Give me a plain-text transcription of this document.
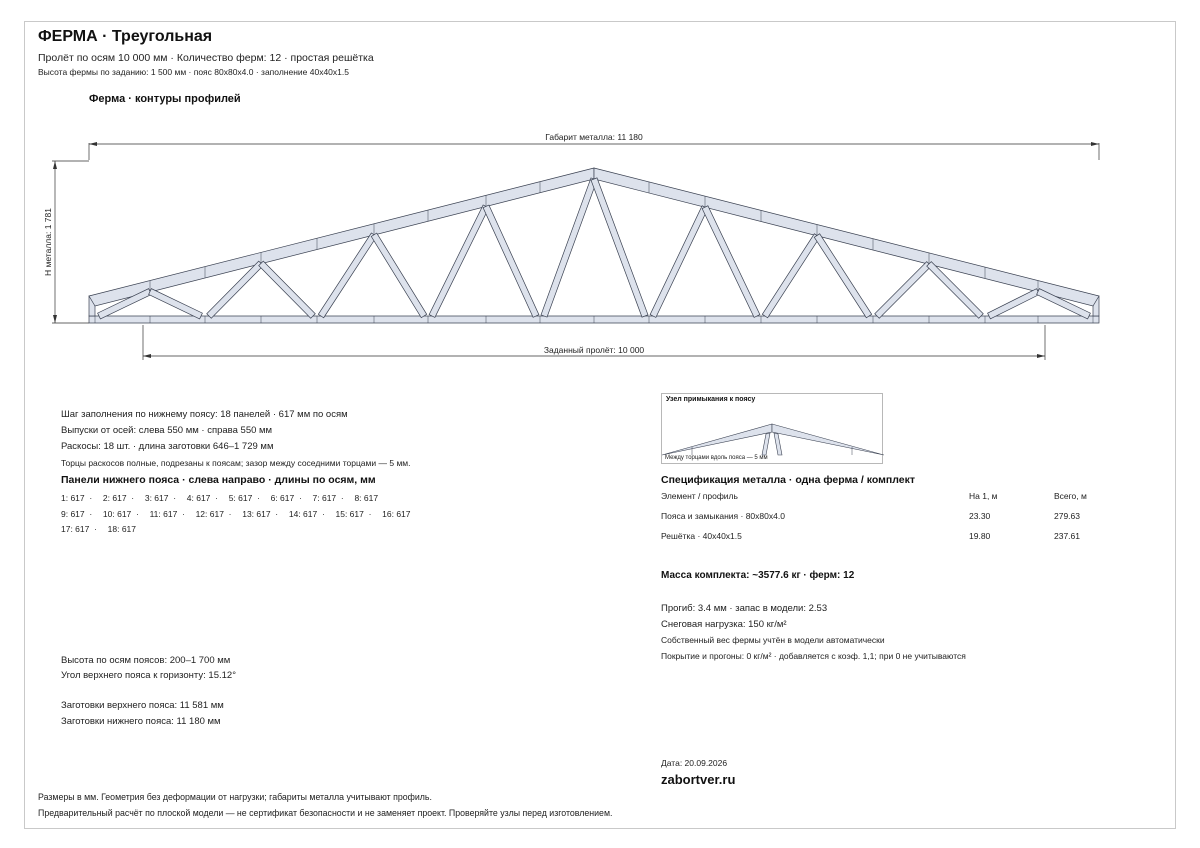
ФЕРМА · Треугольная
Пролёт по осям 10 000 мм · Количество ферм: 12 · простая решётка
Высота фермы по заданию: 1 500 мм · пояс 80x80x4.0 · заполнение 40x40x1.5
Ферма · контуры профилей
Габарит металла: 11 180
H металла: 1 781
Заданный пролёт: 10 000
Шаг заполнения по нижнему поясу: 18 панелей · 617 мм по осям
Выпуски от осей: слева 550 мм · справа 550 мм
Раскосы: 18 шт. · длина заготовки 646–1 729 мм
Торцы раскосов полные, подрезаны к поясам; зазор между соседними торцами — 5 мм.
Панели нижнего пояса · слева направо · длины по осям, мм
1: 617  ·  2: 617  ·  3: 617  ·  4: 617  ·  5: 617  ·  6: 617  ·  7: 617  ·  8: 617
9: 617  ·  10: 617  ·  11: 617  ·  12: 617  ·  13: 617  ·  14: 617  ·  15: 617  ·  16: 617
17: 617  ·  18: 617
Высота по осям поясов: 200–1 700 мм
Угол верхнего пояса к горизонту: 15.12°
Заготовки верхнего пояса: 11 581 мм
Заготовки нижнего пояса: 11 180 мм
Узел примыкания к поясу
Между торцами вдоль пояса — 5 мм
Спецификация металла · одна ферма / комплект
Элемент / профиль	На 1, м	Всего, м
Пояса и замыкания · 80x80x4.0	23.30	279.63
Решётка · 40x40x1.5	19.80	237.61
Масса комплекта: ~3577.6 кг · ферм: 12
Прогиб: 3.4 мм · запас в модели: 2.53
Снеговая нагрузка: 150 кг/м²
Собственный вес фермы учтён в модели автоматически
Покрытие и прогоны: 0 кг/м² · добавляется с коэф. 1,1; при 0 не учитываются
Дата: 20.09.2026
zabortver.ru
Размеры в мм. Геометрия без деформации от нагрузки; габариты металла учитывают профиль.
Предварительный расчёт по плоской модели — не сертификат безопасности и не заменяет проект. Проверяйте узлы перед изготовлением.
